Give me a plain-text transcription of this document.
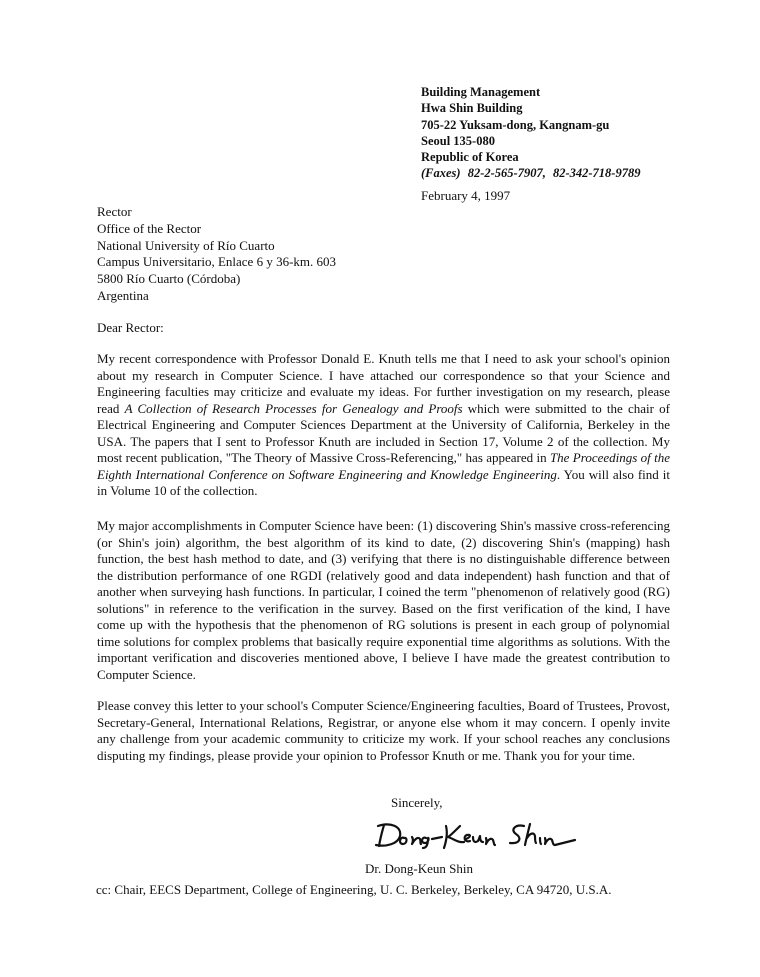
Building Management
Hwa Shin Building
705-22 Yuksam-dong, Kangnam-gu
Seoul 135-080
Republic of Korea
(Faxes) 82-2-565-7907, 82-342-718-9789
February 4, 1997
Rector
Office of the Rector
National University of Río Cuarto
Campus Universitario, Enlace 6 y 36-km. 603
5800 Río Cuarto (Córdoba)
Argentina
Dear Rector:
My recent correspondence with Professor Donald E. Knuth tells me that I need to ask your school's opinion about my research in Computer Science. I have attached our correspondence so that your Science and Engineering faculties may criticize and evaluate my ideas. For further investigation on my research, please read A Collection of Research Processes for Genealogy and Proofs which were submitted to the chair of Electrical Engineering and Computer Sciences Department at the University of California, Berkeley in the USA. The papers that I sent to Professor Knuth are included in Section 17, Volume 2 of the collection. My most recent publication, "The Theory of Massive Cross-Referencing," has appeared in The Proceedings of the Eighth International Conference on Software Engineering and Knowledge Engineering. You will also find it in Volume 10 of the collection.
My major accomplishments in Computer Science have been: (1) discovering Shin's massive cross-referencing (or Shin's join) algorithm, the best algorithm of its kind to date, (2) discovering Shin's (mapping) hash function, the best hash method to date, and (3) verifying that there is no distinguishable difference between the distribution performance of one RGDI (relatively good and data independent) hash function and that of another when surveying hash functions. In particular, I coined the term "phenomenon of relatively good (RG) solutions" in reference to the verification in the survey. Based on the first verification of the kind, I have come up with the hypothesis that the phenomenon of RG solutions is present in each group of polynomial time solutions for complex problems that basically require exponential time algorithms as solutions. With the important verification and discoveries mentioned above, I believe I have made the greatest contribution to Computer Science.
Please convey this letter to your school's Computer Science/Engineering faculties, Board of Trustees, Provost, Secretary-General, International Relations, Registrar, or anyone else whom it may concern. I openly invite any challenge from your academic community to criticize my work. If your school reaches any conclusions disputing my findings, please provide your opinion to Professor Knuth or me. Thank you for your time.
Sincerely,
Dr. Dong-Keun Shin
cc: Chair, EECS Department, College of Engineering, U. C. Berkeley, Berkeley, CA 94720, U.S.A.
